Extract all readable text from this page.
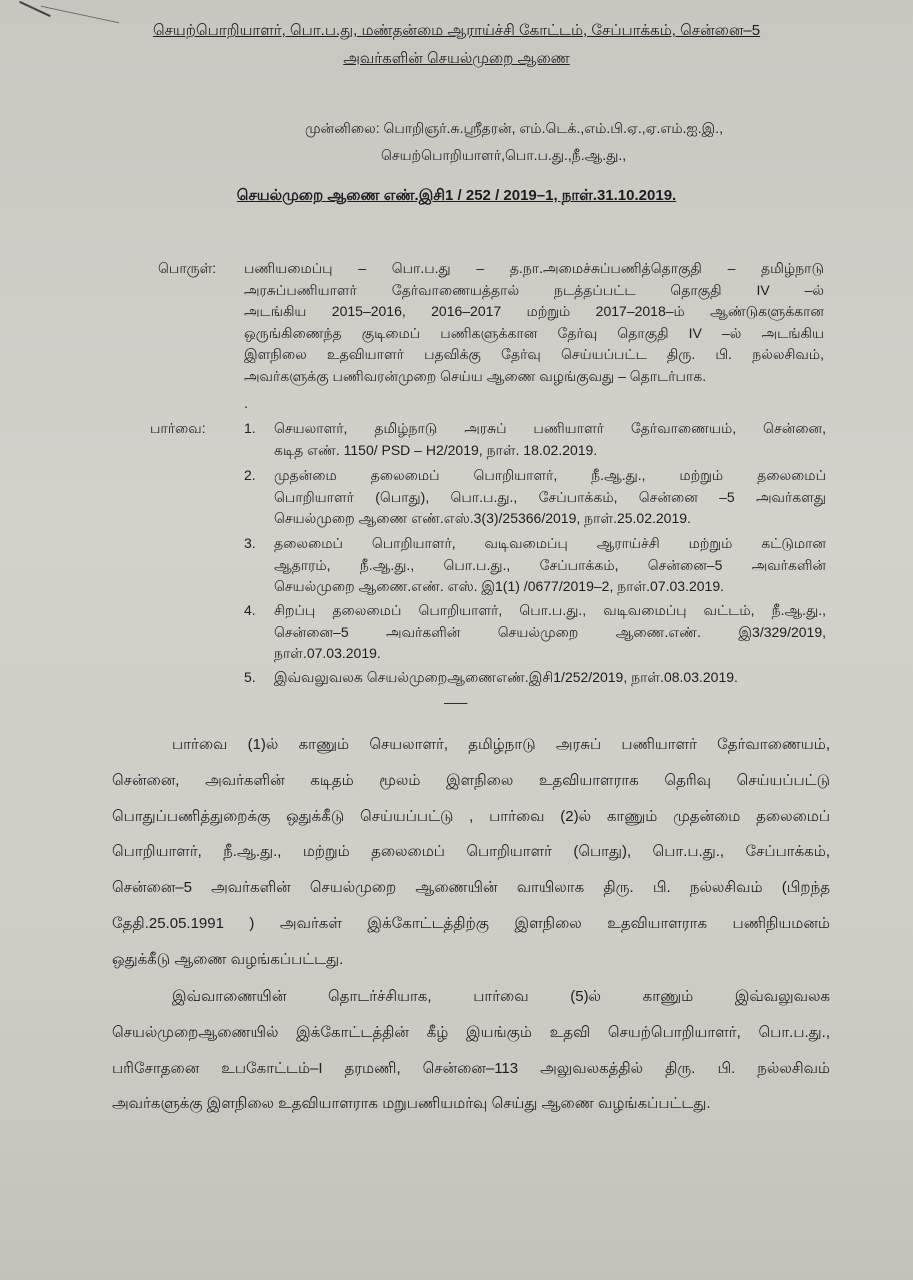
செயற்பொறியாளர், பொ.ப.து, மண்தன்மை ஆராய்ச்சி கோட்டம், சேப்பாக்கம், சென்னை–5
அவர்களின் செயல்முறை ஆணை
முன்னிலை: பொறிஞர்.சு.ஸ்ரீதரன், எம்.டெக்.,எம்.பி.ஏ.,ஏ.எம்.ஐ.இ.,
செயற்பொறியாளர்,பொ.ப.து.,நீ.ஆ.து.,
செயல்முறை ஆணை எண்.இசி1 / 252 / 2019–1, நாள்.31.10.2019.
பொருள்: பணியமைப்பு – பொ.ப.து – த.நா.அமைச்சுப்பணித்தொகுதி – தமிழ்நாடு
அரசுப்பணியாளர் தேர்வாணையத்தால் நடத்தப்பட்ட தொகுதி IV –ல்
அடங்கிய 2015–2016, 2016–2017 மற்றும் 2017–2018–ம் ஆண்டுகளுக்கான
ஒருங்கிணைந்த குடிமைப் பணிகளுக்கான தேர்வு தொகுதி IV –ல் அடங்கிய
இளநிலை உதவியாளர் பதவிக்கு தேர்வு செய்யப்பட்ட திரு. பி. நல்லசிவம்,
அவர்களுக்கு பணிவரன்முறை செய்ய ஆணை வழங்குவது – தொடர்பாக.
.
பார்வை:	1.	செயலாளர், தமிழ்நாடு அரசுப் பணியாளர் தேர்வாணையம், சென்னை,
கடித எண். 1150/ PSD – H2/2019, நாள். 18.02.2019.
2.	முதன்மை தலைமைப் பொறியாளர், நீ.ஆ.து., மற்றும் தலைமைப்
பொறியாளர் (பொது), பொ.ப.து., சேப்பாக்கம், சென்னை –5 அவர்களது
செயல்முறை ஆணை எண்.எஸ்.3(3)/25366/2019, நாள்.25.02.2019.
3.	தலைமைப் பொறியாளர், வடிவமைப்பு ஆராய்ச்சி மற்றும் கட்டுமான
ஆதாரம், நீ.ஆ.து., பொ.ப.து., சேப்பாக்கம், சென்னை–5 அவர்களின்
செயல்முறை ஆணை.எண். எஸ். இ1(1) /0677/2019–2, நாள்.07.03.2019.
4.	சிறப்பு தலைமைப் பொறியாளர், பொ.ப.து., வடிவமைப்பு வட்டம், நீ.ஆ.து.,
சென்னை–5 அவர்களின் செயல்முறை ஆணை.எண். இ3/329/2019,
நாள்.07.03.2019.
5.	இவ்வலுவலக செயல்முறைஆணைஎண்.இசி1/252/2019, நாள்.08.03.2019.
–––
பார்வை (1)ல் காணும் செயலாளர், தமிழ்நாடு அரசுப் பணியாளர் தேர்வாணையம்,
சென்னை, அவர்களின் கடிதம் மூலம் இளநிலை உதவியாளராக தெரிவு செய்யப்பட்டு
பொதுப்பணித்துறைக்கு ஒதுக்கீடு செய்யப்பட்டு , பார்வை (2)ல் காணும் முதன்மை தலைமைப்
பொறியாளர், நீ.ஆ.து., மற்றும் தலைமைப் பொறியாளர் (பொது), பொ.ப.து., சேப்பாக்கம்,
சென்னை–5 அவர்களின் செயல்முறை ஆணையின் வாயிலாக திரு. பி. நல்லசிவம் (பிறந்த
தேதி.25.05.1991 ) அவர்கள் இக்கோட்டத்திற்கு இளநிலை உதவியாளராக பணிநியமனம்
ஒதுக்கீடு ஆணை வழங்கப்பட்டது.
இவ்வாணையின் தொடர்ச்சியாக, பார்வை (5)ல் காணும் இவ்வலுவலக
செயல்முறைஆணையில் இக்கோட்டத்தின் கீழ் இயங்கும் உதவி செயற்பொறியாளர், பொ.ப.து.,
பரிசோதனை உபகோட்டம்–I தரமணி, சென்னை–113 அலுவலகத்தில் திரு. பி. நல்லசிவம்
அவர்களுக்கு இளநிலை உதவியாளராக மறுபணியமர்வு செய்து ஆணை வழங்கப்பட்டது.
